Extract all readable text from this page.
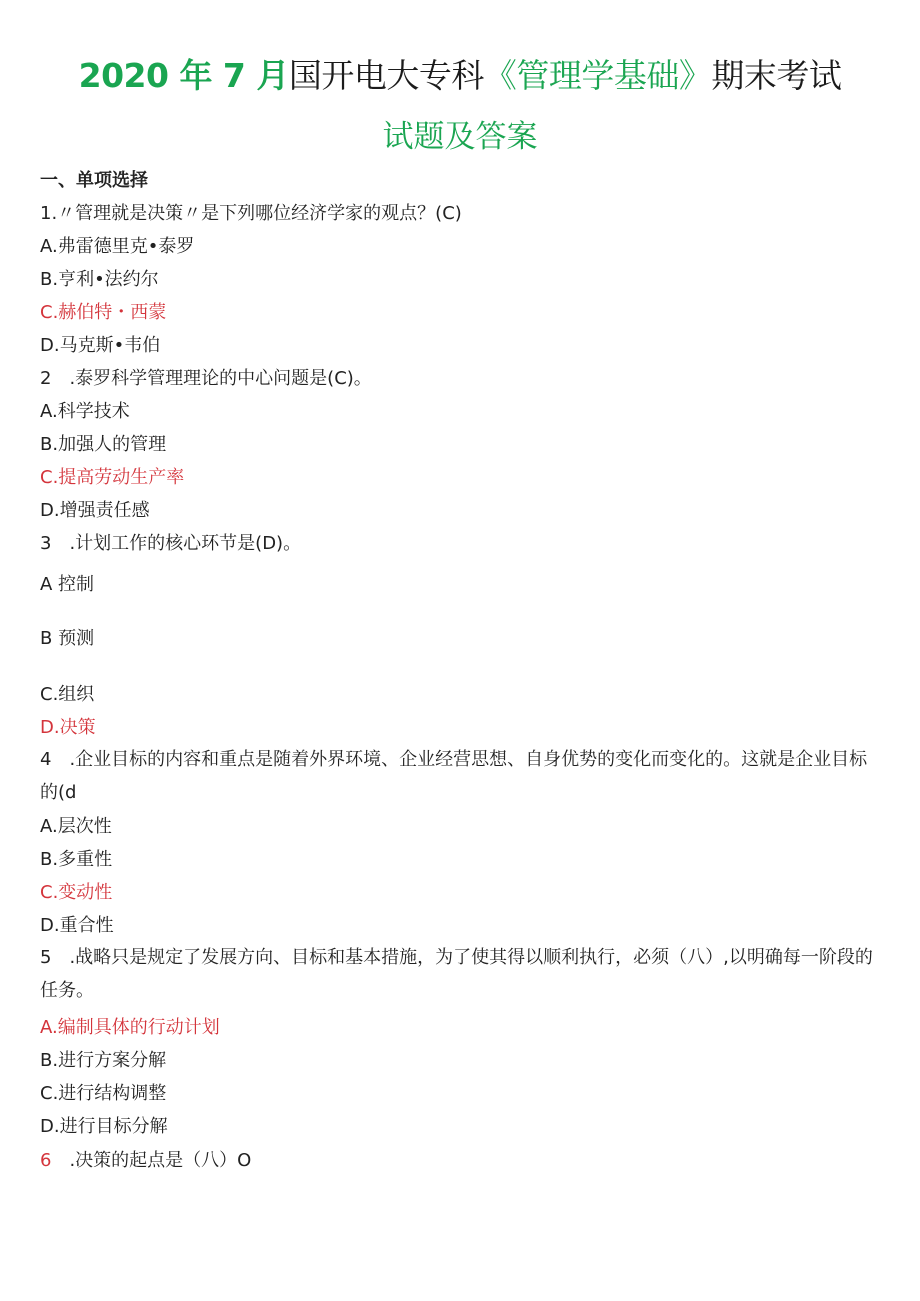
2020 年 7 月国开电大专科《管理学基础》期末考试
试题及答案
一、单项选择
1.〃管理就是决策〃是下列哪位经济学家的观点？(C)
A.弗雷德里克•泰罗
B.亨利•法约尔
C.赫伯特・西蒙
D.马克斯•韦伯
2　.泰罗科学管理理论的中心问题是(C)。
A.科学技术
B.加强人的管理
C.提高劳动生产率
D.增强责任感
3　.计划工作的核心环节是(D)。
A 控制
B 预测
C.组织
D.决策
4　.企业目标的内容和重点是随着外界环境、企业经营思想、自身优势的变化而变化的。这就是企业目标的(d
A.层次性
B.多重性
C.变动性
D.重合性
5　.战略只是规定了发展方向、目标和基本措施，为了使其得以顺利执行，必须（八）,以明确每一阶段的任务。
A.编制具体的行动计划
B.进行方案分解
C.进行结构调整
D.进行目标分解
6　.决策的起点是（八）O
